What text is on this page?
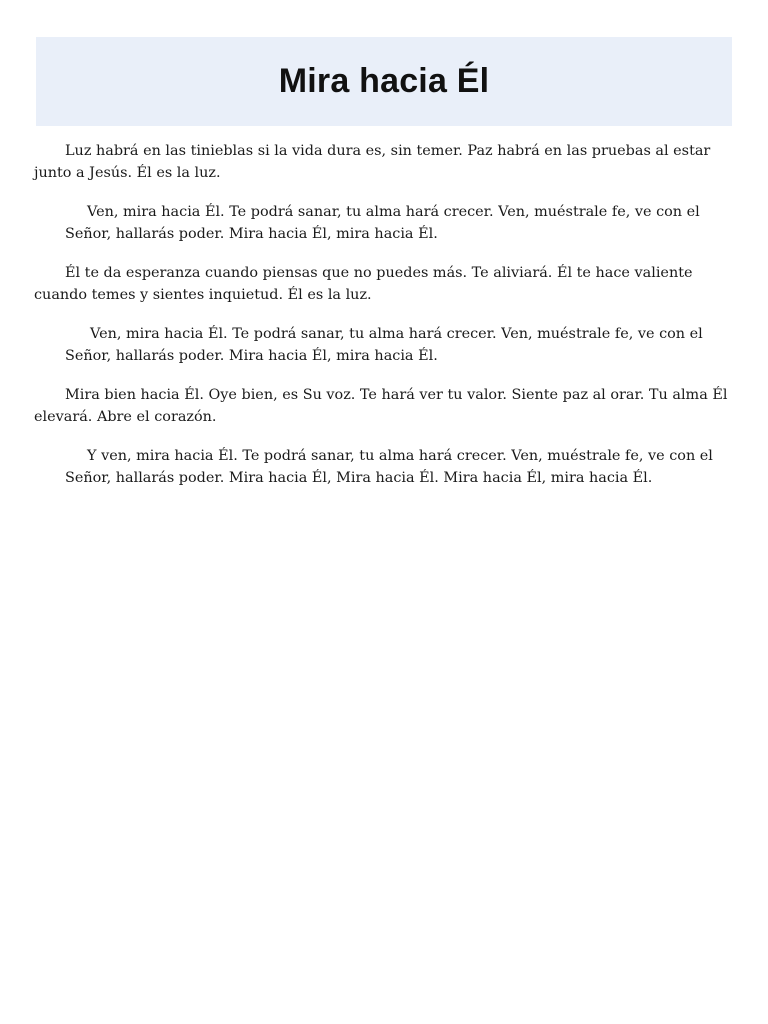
Mira hacia Él

Luz habrá en las tinieblas si la vida dura es, sin temer. Paz habrá en las pruebas al estar junto a Jesús. Él es la luz.

Ven, mira hacia Él. Te podrá sanar, tu alma hará crecer. Ven, muéstrale fe, ve con el Señor, hallarás poder. Mira hacia Él, mira hacia Él.

Él te da esperanza cuando piensas que no puedes más. Te aliviará. Él te hace valiente cuando temes y sientes inquietud. Él es la luz.

Ven, mira hacia Él. Te podrá sanar, tu alma hará crecer. Ven, muéstrale fe, ve con el Señor, hallarás poder. Mira hacia Él, mira hacia Él.

Mira bien hacia Él. Oye bien, es Su voz. Te hará ver tu valor. Siente paz al orar. Tu alma Él elevará. Abre el corazón.

Y ven, mira hacia Él. Te podrá sanar, tu alma hará crecer. Ven, muéstrale fe, ve con el Señor, hallarás poder. Mira hacia Él, Mira hacia Él. Mira hacia Él, mira hacia Él.
